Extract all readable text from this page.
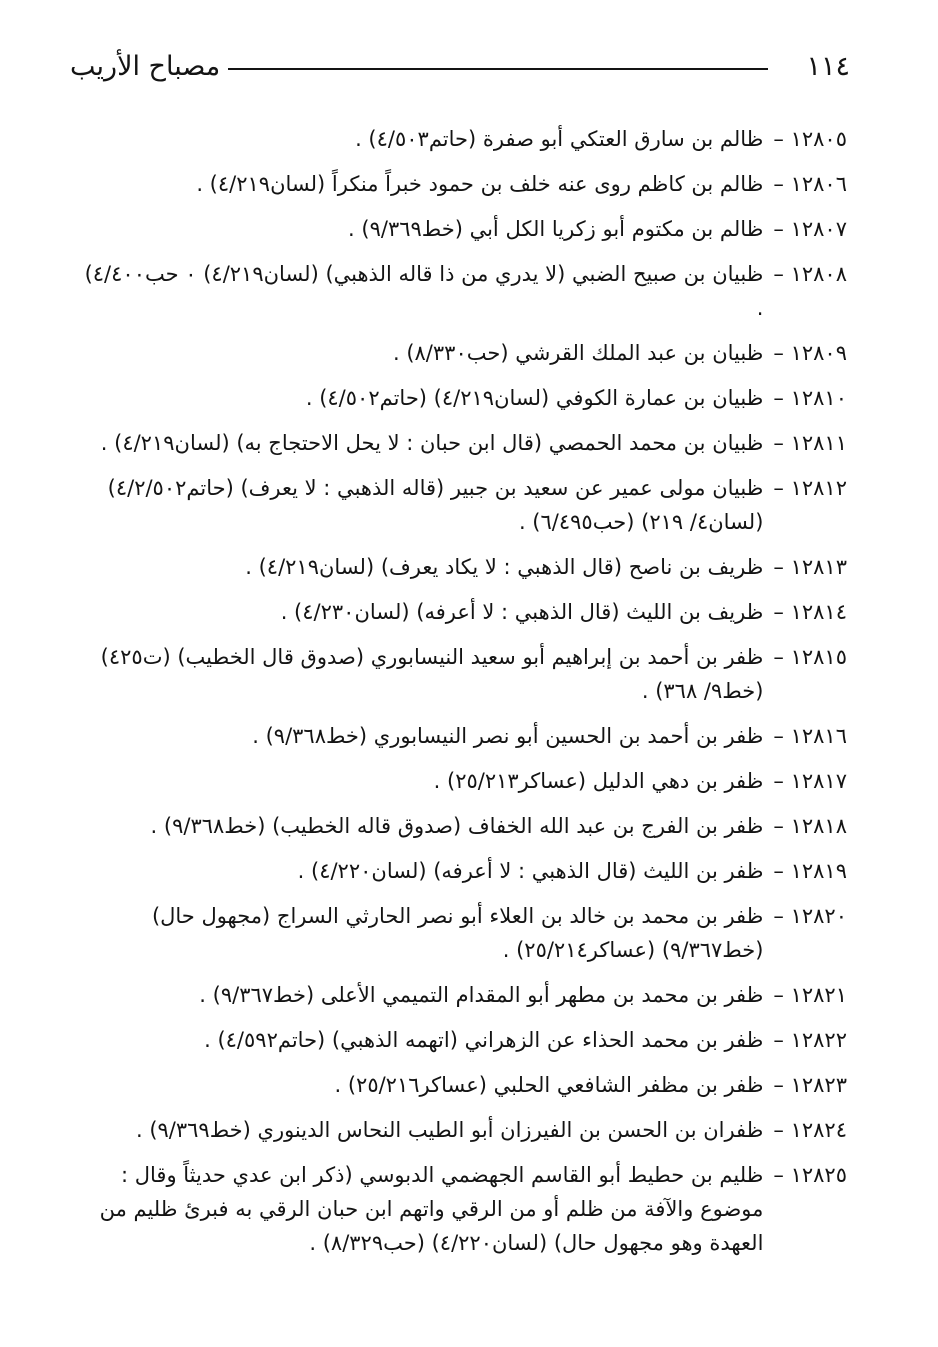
١١٤
مصباح الأريب
١٢٨٠٥ –
ظالم بن سارق العتكي أبو صفرة (حاتم٤/٥٠٣) .
١٢٨٠٦ –
ظالم بن كاظم روى عنه خلف بن حمود خبراً منكراً (لسان٤/٢١٩) .
١٢٨٠٧ –
ظالم بن مكتوم أبو زكريا الكل أبي (خط٩/٣٦٩) .
١٢٨٠٨ –
ظبيان بن صبيح الضبي (لا يدري من ذا قاله الذهبي) (لسان٤/٢١٩) ٠ حب٤/٤٠٠) .
١٢٨٠٩ –
ظبيان بن عبد الملك القرشي (حب٨/٣٣٠) .
١٢٨١٠ –
ظبيان بن عمارة الكوفي (لسان٤/٢١٩) (حاتم٤/٥٠٢) .
١٢٨١١ –
ظبيان بن محمد الحمصي (قال ابن حبان : لا يحل الاحتجاج به) (لسان٤/٢١٩) .
١٢٨١٢ –
ظبيان مولى عمير عن سعيد بن جبير (قاله الذهبي : لا يعرف) (حاتم٤/٢/٥٠٢) (لسان٤/ ٢١٩) (حب٦/٤٩٥) .
١٢٨١٣ –
ظريف بن ناصح (قال الذهبي : لا يكاد يعرف) (لسان٤/٢١٩) .
١٢٨١٤ –
ظريف بن الليث (قال الذهبي : لا أعرفه) (لسان٤/٢٣٠) .
١٢٨١٥ –
ظفر بن أحمد بن إبراهيم أبو سعيد النيسابوري (صدوق قال الخطيب) (ت٤٢٥) (خط٩/ ٣٦٨) .
١٢٨١٦ –
ظفر بن أحمد بن الحسين أبو نصر النيسابوري (خط٩/٣٦٨) .
١٢٨١٧ –
ظفر بن دهي الدليل (عساكر٢٥/٢١٣) .
١٢٨١٨ –
ظفر بن الفرج بن عبد الله الخفاف (صدوق قاله الخطيب) (خط٩/٣٦٨) .
١٢٨١٩ –
ظفر بن الليث (قال الذهبي : لا أعرفه) (لسان٤/٢٢٠) .
١٢٨٢٠ –
ظفر بن محمد بن خالد بن العلاء أبو نصر الحارثي السراج (مجهول حال) (خط٩/٣٦٧) (عساكر٢٥/٢١٤) .
١٢٨٢١ –
ظفر بن محمد بن مطهر أبو المقدام التميمي الأعلى (خط٩/٣٦٧) .
١٢٨٢٢ –
ظفر بن محمد الحذاء عن الزهراني (اتهمه الذهبي) (حاتم٤/٥٩٢) .
١٢٨٢٣ –
ظفر بن مظفر الشافعي الحلبي (عساكر٢٥/٢١٦) .
١٢٨٢٤ –
ظفران بن الحسن بن الفيرزان أبو الطيب النحاس الدينوري (خط٩/٣٦٩) .
١٢٨٢٥ –
ظليم بن حطيط أبو القاسم الجهضمي الدبوسي (ذكر ابن عدي حديثاً وقال : موضوع والآفة من ظلم أو من الرقي واتهم ابن حبان الرقي به فبرئ ظليم من العهدة وهو مجهول حال) (لسان٤/٢٢٠) (حب٨/٣٢٩) .
